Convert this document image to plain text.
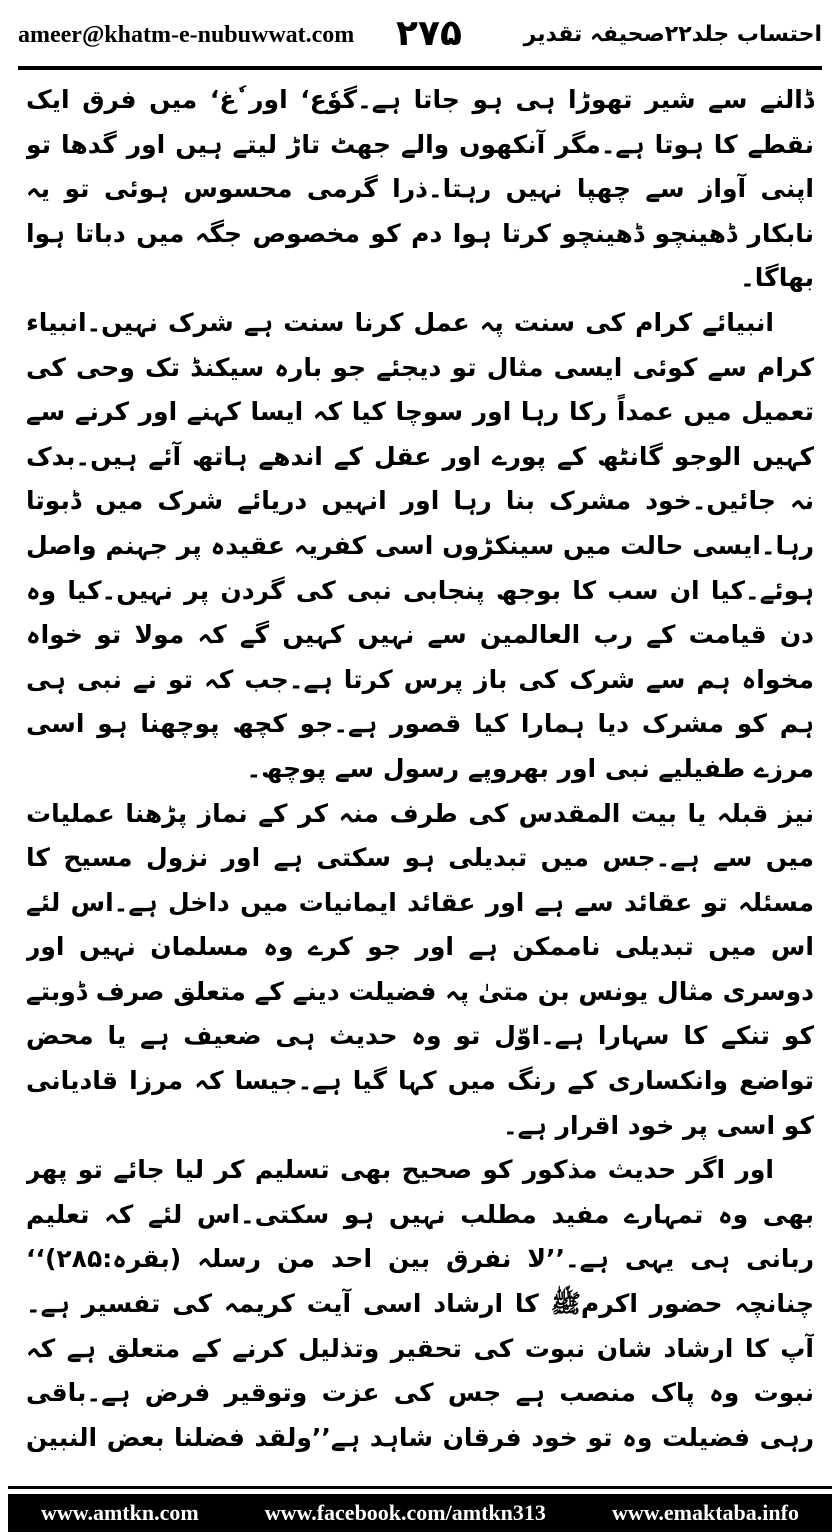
ameer@khatm-e-nubuwwat.com ۲۷۵	احتساب جلد۲۲صحیفہ تقدیر

ڈالنے سے شیر تھوڑا ہی ہو جاتا ہے۔گوٗع‘ اور ٗغ‘ میں فرق ایک نقطے کا ہوتا ہے۔مگر آنکھوں والے جھٹ تاڑ لیتے ہیں اور گدھا تو اپنی آواز سے چھپا نہیں رہتا۔ذرا گرمی محسوس ہوئی تو یہ نابکار ڈھینچو ڈھینچو کرتا ہوا دم کو مخصوص جگہ میں دباتا ہوا بھاگا۔

انبیائے کرام کی سنت پہ عمل کرنا سنت ہے شرک نہیں۔انبیاء کرام سے کوئی ایسی مثال تو دیجئے جو بارہ سیکنڈ تک وحی کی تعمیل میں عمداً رکا رہا اور سوچا کیا کہ ایسا کہنے اور کرنے سے کہیں الوجو گانٹھ کے پورے اور عقل کے اندھے ہاتھ آئے ہیں۔بدک نہ جائیں۔خود مشرک بنا رہا اور انہیں دریائے شرک میں ڈبوتا رہا۔ایسی حالت میں سینکڑوں اسی کفریہ عقیدہ پر جہنم واصل ہوئے۔کیا ان سب کا بوجھ پنجابی نبی کی گردن پر نہیں۔کیا وہ دن قیامت کے رب العالمین سے نہیں کہیں گے کہ مولا تو خواہ مخواہ ہم سے شرک کی باز پرس کرتا ہے۔جب کہ تو نے نبی ہی ہم کو مشرک دیا ہمارا کیا قصور ہے۔جو کچھ پوچھنا ہو اسی مرزے طفیلیے نبی اور بھروپے رسول سے پوچھ۔

نیز قبلہ یا بیت المقدس کی طرف منہ کر کے نماز پڑھنا عملیات میں سے ہے۔جس میں تبدیلی ہو سکتی ہے اور نزول مسیح کا مسئلہ تو عقائد سے ہے اور عقائد ایمانیات میں داخل ہے۔اس لئے اس میں تبدیلی ناممکن ہے اور جو کرے وہ مسلمان نہیں اور دوسری مثال یونس بن متیٰ پہ فضیلت دینے کے متعلق صرف ڈوبتے کو تنکے کا سہارا ہے۔اوّل تو وہ حدیث ہی ضعیف ہے یا محض تواضع وانکساری کے رنگ میں کہا گیا ہے۔جیسا کہ مرزا قادیانی کو اسی پر خود اقرار ہے۔

اور اگر حدیث مذکور کو صحیح بھی تسلیم کر لیا جائے تو پھر بھی وہ تمہارے مفید مطلب نہیں ہو سکتی۔اس لئے کہ تعلیم ربانی ہی یہی ہے۔’’لا نفرق بین احد من رسلہ (بقرہ:۲۸۵)‘‘ چنانچہ حضور اکرمﷺ کا ارشاد اسی آیت کریمہ کی تفسیر ہے۔آپ کا ارشاد شان نبوت کی تحقیر وتذلیل کرنے کے متعلق ہے کہ نبوت وہ پاک منصب ہے جس کی عزت وتوقیر فرض ہے۔باقی رہی فضیلت وہ تو خود فرقان شاہد ہے’’ولقد فضلنا بعض النبین

www.amtkn.com	www.facebook.com/amtkn313	www.emaktaba.info
